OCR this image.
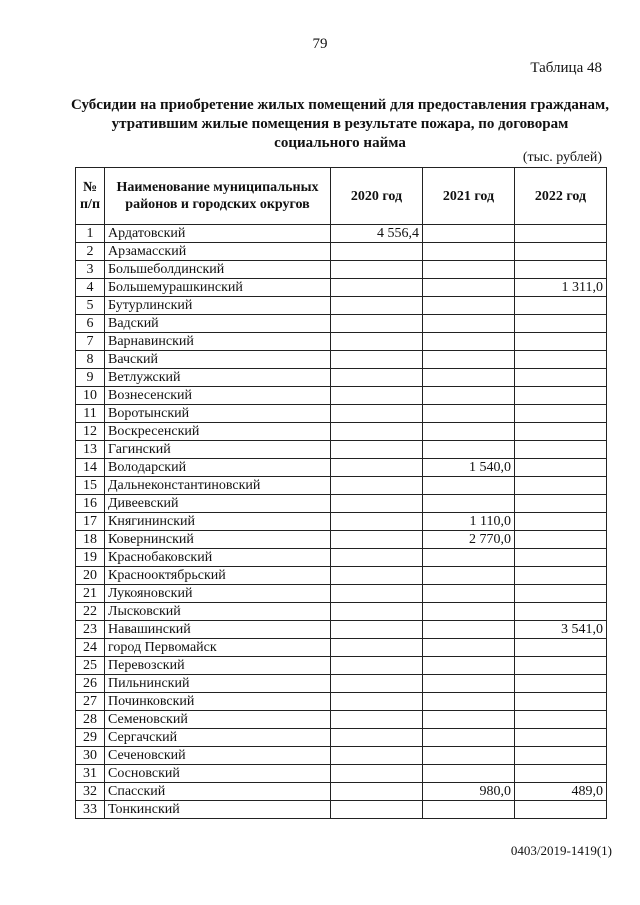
79
Таблица 48
Субсидии на приобретение жилых помещений для предоставления гражданам, утратившим жилые помещения в результате пожара, по договорам социального найма
(тыс. рублей)
№ п/п	Наименование муниципальных районов и городских округов	2020 год	2021 год	2022 год
1	Ардатовский	4 556,4		
2	Арзамасский			
3	Большеболдинский			
4	Большемурашкинский			1 311,0
5	Бутурлинский			
6	Вадский			
7	Варнавинский			
8	Вачский			
9	Ветлужский			
10	Вознесенский			
11	Воротынский			
12	Воскресенский			
13	Гагинский			
14	Володарский		1 540,0	
15	Дальнеконстантиновский			
16	Дивеевский			
17	Княгининский		1 110,0	
18	Ковернинский		2 770,0	
19	Краснобаковский			
20	Краснооктябрьский			
21	Лукояновский			
22	Лысковский			
23	Навашинский			3 541,0
24	город Первомайск			
25	Перевозский			
26	Пильнинский			
27	Починковский			
28	Семеновский			
29	Сергачский			
30	Сеченовский			
31	Сосновский			
32	Спасский		980,0	489,0
33	Тонкинский			
0403/2019-1419(1)
